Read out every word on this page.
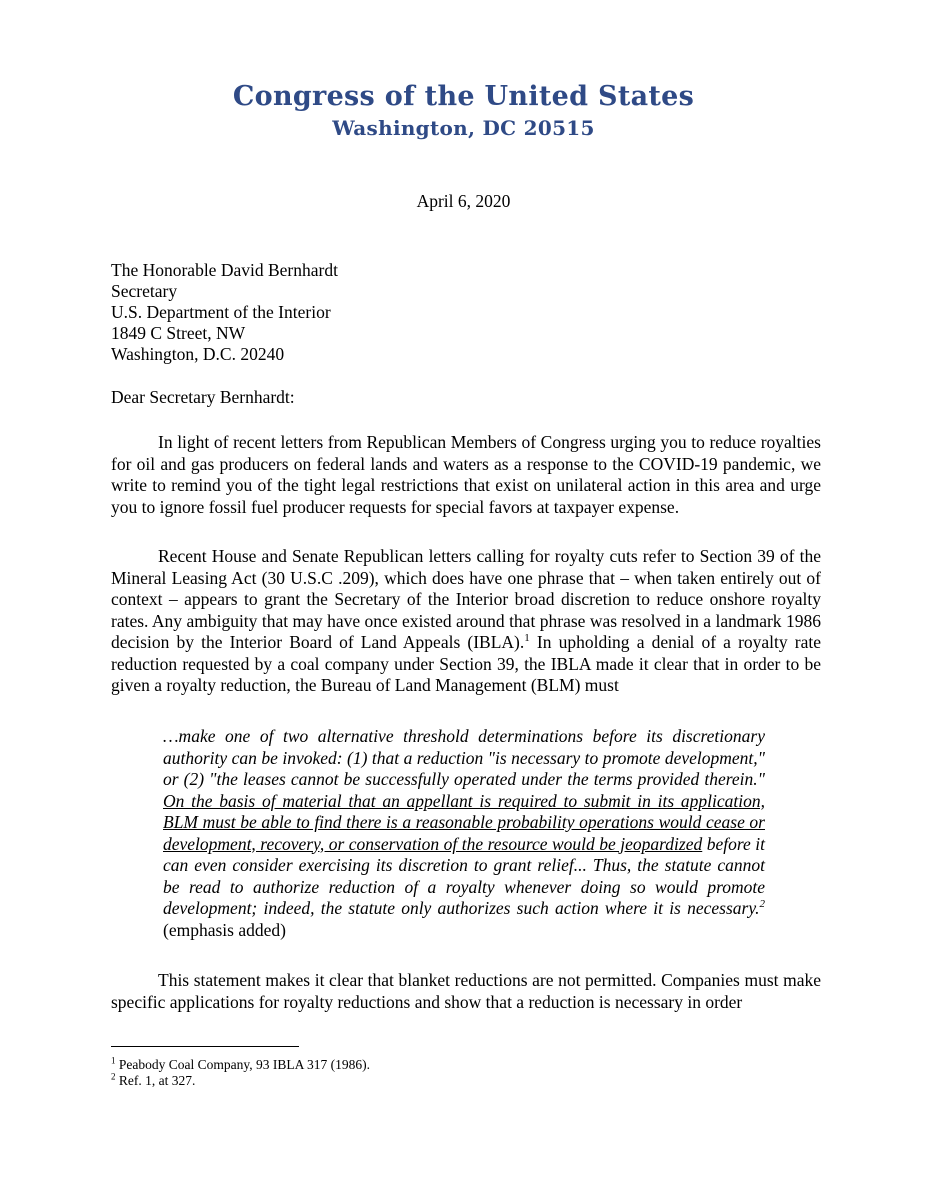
Congress of the United States
Washington, DC 20515
April 6, 2020
The Honorable David Bernhardt
Secretary
U.S. Department of the Interior
1849 C Street, NW
Washington, D.C. 20240
Dear Secretary Bernhardt:
In light of recent letters from Republican Members of Congress urging you to reduce royalties for oil and gas producers on federal lands and waters as a response to the COVID-19 pandemic, we write to remind you of the tight legal restrictions that exist on unilateral action in this area and urge you to ignore fossil fuel producer requests for special favors at taxpayer expense.
Recent House and Senate Republican letters calling for royalty cuts refer to Section 39 of the Mineral Leasing Act (30 U.S.C .209), which does have one phrase that – when taken entirely out of context – appears to grant the Secretary of the Interior broad discretion to reduce onshore royalty rates. Any ambiguity that may have once existed around that phrase was resolved in a landmark 1986 decision by the Interior Board of Land Appeals (IBLA).$^1$ In upholding a denial of a royalty rate reduction requested by a coal company under Section 39, the IBLA made it clear that in order to be given a royalty reduction, the Bureau of Land Management (BLM) must
…make one of two alternative threshold determinations before its discretionary authority can be invoked: (1) that a reduction "is necessary to promote development," or (2) "the leases cannot be successfully operated under the terms provided therein." On the basis of material that an appellant is required to submit in its application, BLM must be able to find there is a reasonable probability operations would cease or development, recovery, or conservation of the resource would be jeopardized before it can even consider exercising its discretion to grant relief... Thus, the statute cannot be read to authorize reduction of a royalty whenever doing so would promote development; indeed, the statute only authorizes such action where it is necessary.$^2$ (emphasis added)
This statement makes it clear that blanket reductions are not permitted. Companies must make specific applications for royalty reductions and show that a reduction is necessary in order
$^1$ Peabody Coal Company, 93 IBLA 317 (1986).
$^2$ Ref. 1, at 327.
